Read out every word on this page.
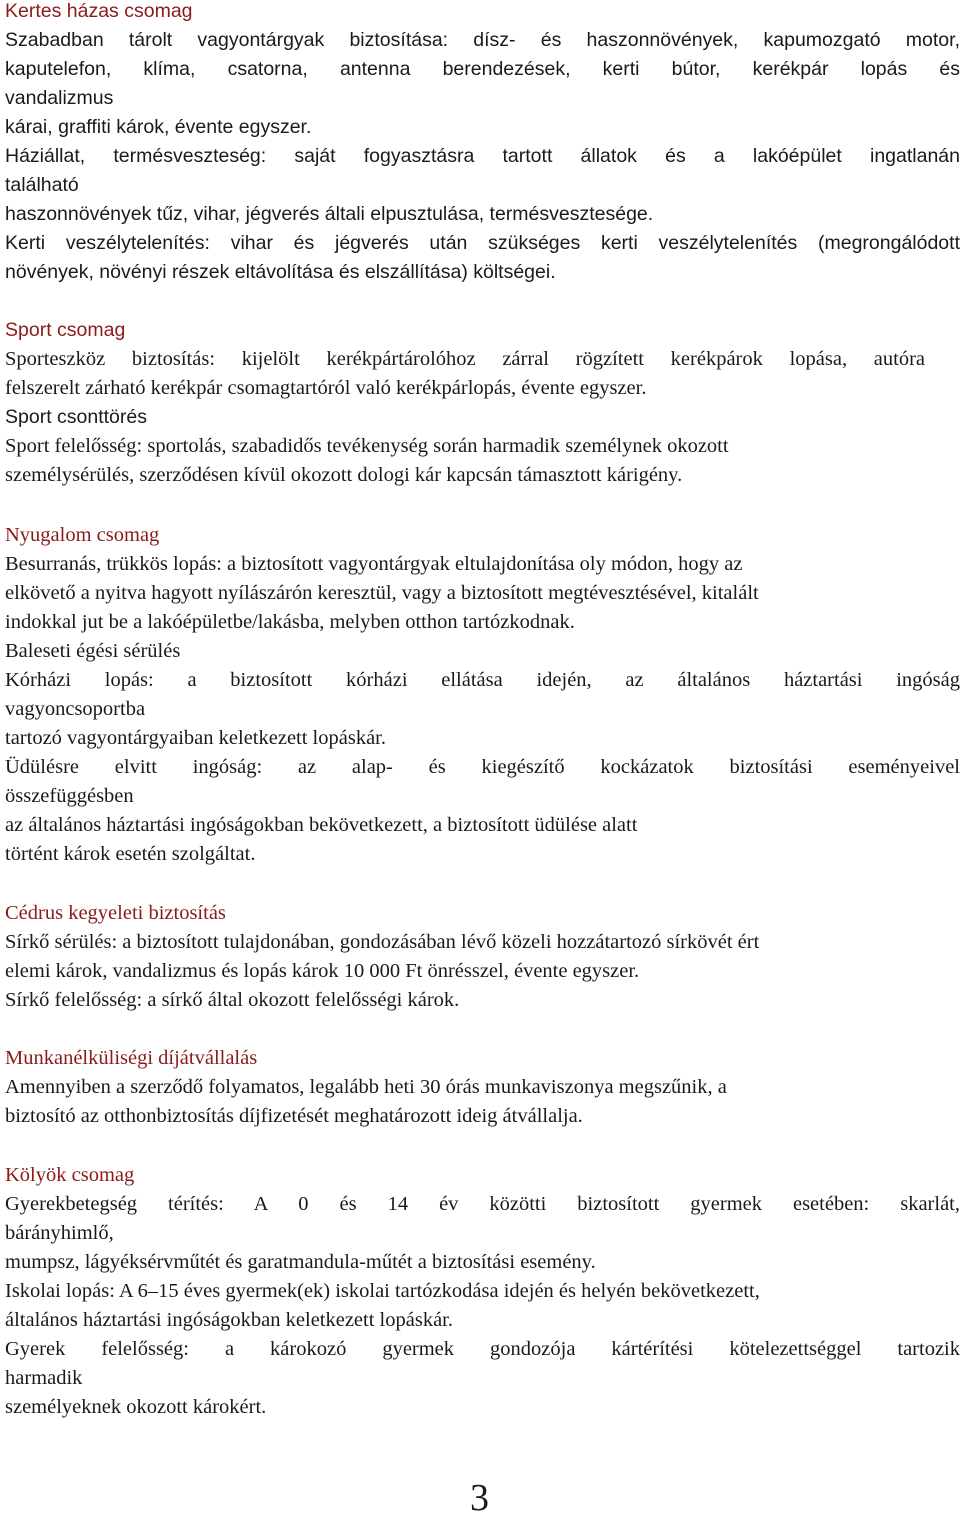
Kertes házas csomag
Szabadban tárolt vagyontárgyak biztosítása: dísz- és haszonnövények, kapumozgató motor,
kaputelefon, klíma, csatorna, antenna berendezések, kerti bútor, kerékpár lopás és
vandalizmus
kárai, graffiti károk, évente egyszer.
Háziállat, termésveszteség: saját fogyasztásra tartott állatok és a lakóépület ingatlanán
található
haszonnövények tűz, vihar, jégverés általi elpusztulása, termésvesztesége.
Kerti veszélytelenítés: vihar és jégverés után szükséges kerti veszélytelenítés (megrongálódott
növények, növényi részek eltávolítása és elszállítása) költségei.
Sport csomag
Sporteszköz biztosítás: kijelölt kerékpártárolóhoz zárral rögzített kerékpárok lopása, autóra
felszerelt zárható kerékpár csomagtartóról való kerékpárlopás, évente egyszer.
Sport csonttörés
Sport felelősség: sportolás, szabadidős tevékenység során harmadik személynek okozott
személysérülés, szerződésen kívül okozott dologi kár kapcsán támasztott kárigény.
Nyugalom csomag
Besurranás, trükkös lopás: a biztosított vagyontárgyak eltulajdonítása oly módon, hogy az
elkövető a nyitva hagyott nyílászárón keresztül, vagy a biztosított megtévesztésével, kitalált
indokkal jut be a lakóépületbe/lakásba, melyben otthon tartózkodnak.
Baleseti égési sérülés
Kórházi lopás: a biztosított kórházi ellátása idején, az általános háztartási ingóság
vagyoncsoportba
tartozó vagyontárgyaiban keletkezett lopáskár.
Üdülésre elvitt ingóság: az alap- és kiegészítő kockázatok biztosítási eseményeivel
összefüggésben
az általános háztartási ingóságokban bekövetkezett, a biztosított üdülése alatt
történt károk esetén szolgáltat.
Cédrus kegyeleti biztosítás
Sírkő sérülés: a biztosított tulajdonában, gondozásában lévő közeli hozzátartozó sírkövét ért
elemi károk, vandalizmus és lopás károk 10 000 Ft önrésszel, évente egyszer.
Sírkő felelősség: a sírkő által okozott felelősségi károk.
Munkanélküliségi díjátvállalás
Amennyiben a szerződő folyamatos, legalább heti 30 órás munkaviszonya megszűnik, a
biztosító az otthonbiztosítás díjfizetését meghatározott ideig átvállalja.
Kölyök csomag
Gyerekbetegség térítés: A 0 és 14 év közötti biztosított gyermek esetében: skarlát,
bárányhimlő,
mumpsz, lágyéksérvműtét és garatmandula-műtét a biztosítási esemény.
Iskolai lopás: A 6–15 éves gyermek(ek) iskolai tartózkodása idején és helyén bekövetkezett,
általános háztartási ingóságokban keletkezett lopáskár.
Gyerek felelősség: a károkozó gyermek gondozója kártérítési kötelezettséggel tartozik
harmadik
személyeknek okozott károkért.
3
